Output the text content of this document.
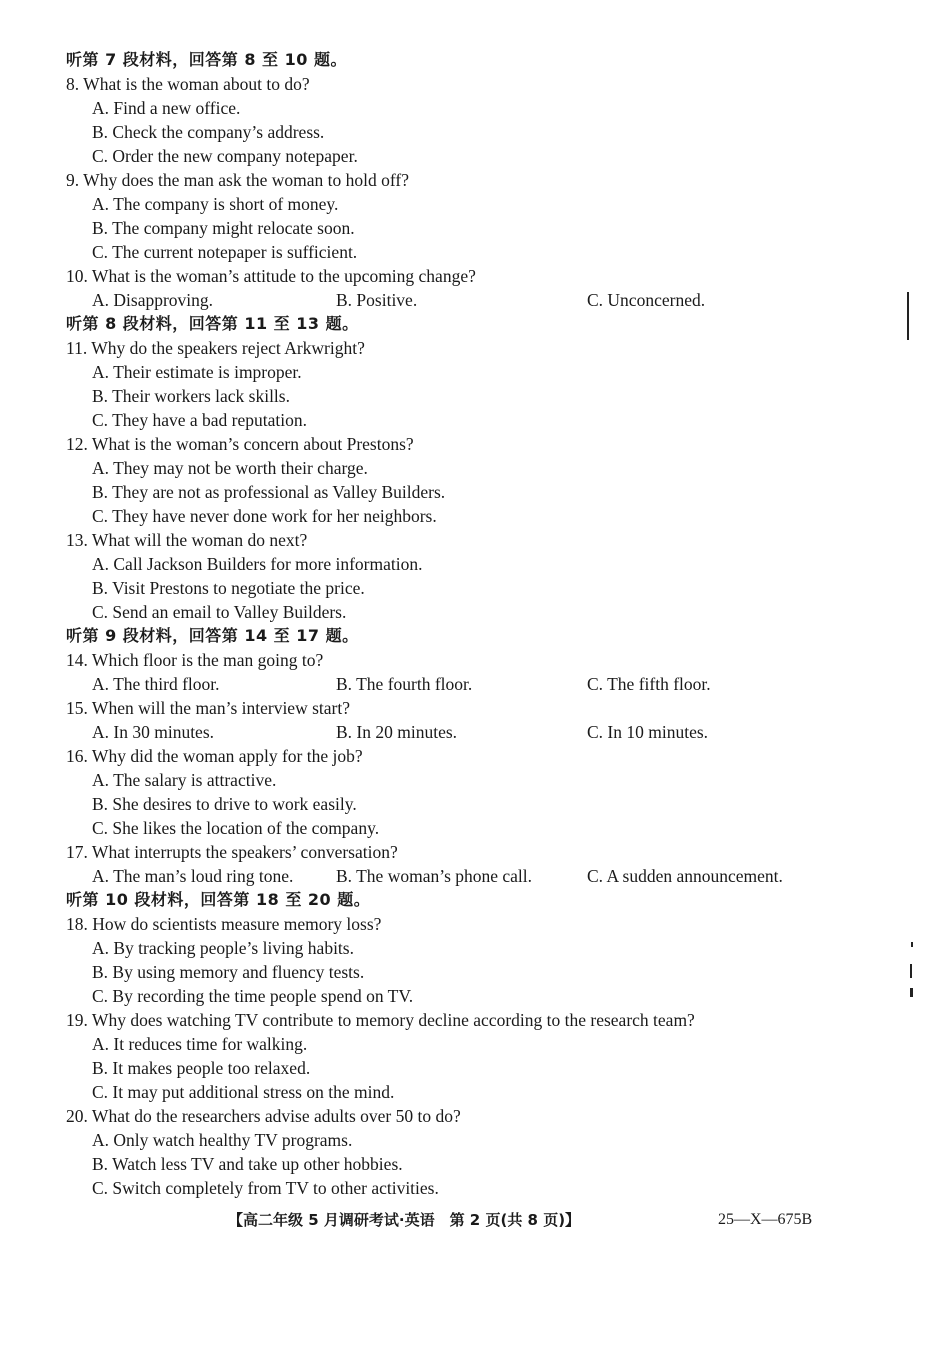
听第 7 段材料，回答第 8 至 10 题。
8. What is the woman about to do?
A. Find a new office.
B. Check the company’s address.
C. Order the new company notepaper.
9. Why does the man ask the woman to hold off?
A. The company is short of money.
B. The company might relocate soon.
C. The current notepaper is sufficient.
10. What is the woman’s attitude to the upcoming change?
A. Disapproving.	B. Positive.	C. Unconcerned.
听第 8 段材料，回答第 11 至 13 题。
11. Why do the speakers reject Arkwright?
A. Their estimate is improper.
B. Their workers lack skills.
C. They have a bad reputation.
12. What is the woman’s concern about Prestons?
A. They may not be worth their charge.
B. They are not as professional as Valley Builders.
C. They have never done work for her neighbors.
13. What will the woman do next?
A. Call Jackson Builders for more information.
B. Visit Prestons to negotiate the price.
C. Send an email to Valley Builders.
听第 9 段材料，回答第 14 至 17 题。
14. Which floor is the man going to?
A. The third floor.	B. The fourth floor.	C. The fifth floor.
15. When will the man’s interview start?
A. In 30 minutes.	B. In 20 minutes.	C. In 10 minutes.
16. Why did the woman apply for the job?
A. The salary is attractive.
B. She desires to drive to work easily.
C. She likes the location of the company.
17. What interrupts the speakers’ conversation?
A. The man’s loud ring tone. B. The woman’s phone call.	C. A sudden announcement.
听第 10 段材料，回答第 18 至 20 题。
18. How do scientists measure memory loss?
A. By tracking people’s living habits.
B. By using memory and fluency tests.
C. By recording the time people spend on TV.
19. Why does watching TV contribute to memory decline according to the research team?
A. It reduces time for walking.
B. It makes people too relaxed.
C. It may put additional stress on the mind.
20. What do the researchers advise adults over 50 to do?
A. Only watch healthy TV programs.
B. Watch less TV and take up other hobbies.
C. Switch completely from TV to other activities.
【高二年级 5 月调研考试·英语　第 2 页(共 8 页)】	25—X—675B
